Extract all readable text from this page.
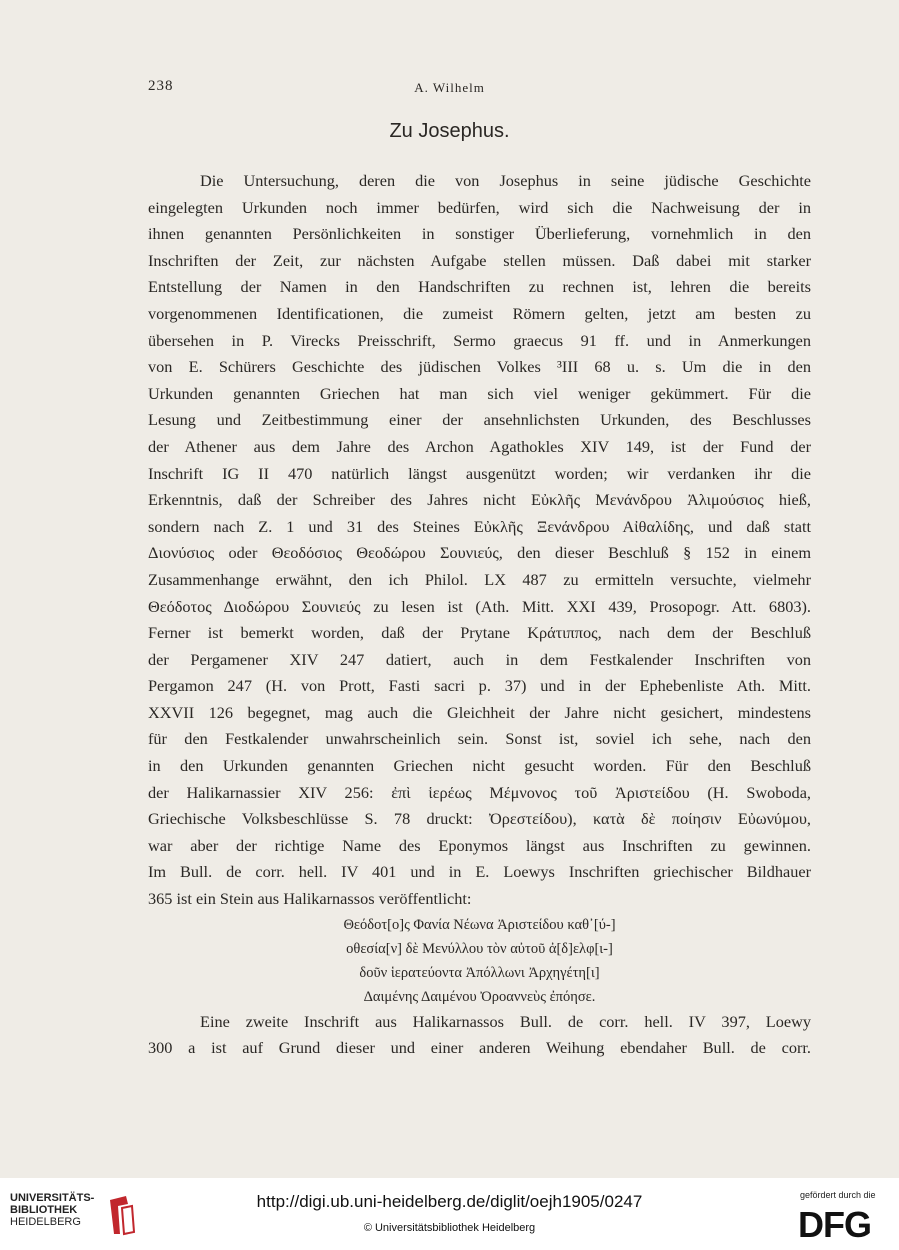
238	A. Wilhelm
Zu Josephus.
Die Untersuchung, deren die von Josephus in seine jüdische Geschichte
eingelegten Urkunden noch immer bedürfen, wird sich die Nachweisung der in
ihnen genannten Persönlichkeiten in sonstiger Überlieferung, vornehmlich in den
Inschriften der Zeit, zur nächsten Aufgabe stellen müssen. Daß dabei mit starker
Entstellung der Namen in den Handschriften zu rechnen ist, lehren die bereits
vorgenommenen Identificationen, die zumeist Römern gelten, jetzt am besten zu
übersehen in P. Virecks Preisschrift, Sermo graecus 91 ff. und in Anmerkungen
von E. Schürers Geschichte des jüdischen Volkes ³III 68 u. s. Um die in den
Urkunden genannten Griechen hat man sich viel weniger gekümmert. Für die
Lesung und Zeitbestimmung einer der ansehnlichsten Urkunden, des Beschlusses
der Athener aus dem Jahre des Archon Agathokles XIV 149, ist der Fund der
Inschrift IG II 470 natürlich längst ausgenützt worden; wir verdanken ihr die
Erkenntnis, daß der Schreiber des Jahres nicht Εὐκλῆς Μενάνδρου Ἀλιμούσιος hieß,
sondern nach Z. 1 und 31 des Steines Εὐκλῆς Ξενάνδρου Αἰθαλίδης, und daß statt
Διονύσιος oder Θεοδόσιος Θεοδώρου Σουνιεύς, den dieser Beschluß § 152 in einem
Zusammenhange erwähnt, den ich Philol. LX 487 zu ermitteln versuchte, vielmehr
Θεόδοτος Διοδώρου Σουνιεύς zu lesen ist (Ath. Mitt. XXI 439, Prosopogr. Att. 6803).
Ferner ist bemerkt worden, daß der Prytane Κράτιππος, nach dem der Beschluß
der Pergamener XIV 247 datiert, auch in dem Festkalender Inschriften von
Pergamon 247 (H. von Prott, Fasti sacri p. 37) und in der Ephebenliste Ath. Mitt.
XXVII 126 begegnet, mag auch die Gleichheit der Jahre nicht gesichert, mindestens
für den Festkalender unwahrscheinlich sein. Sonst ist, soviel ich sehe, nach den
in den Urkunden genannten Griechen nicht gesucht worden. Für den Beschluß
der Halikarnassier XIV 256: ἐπὶ ἱερέως Μέμνονος τοῦ Ἀριστείδου (H. Swoboda,
Griechische Volksbeschlüsse S. 78 druckt: Ὀρεστείδου), κατὰ δὲ ποίησιν Εὐωνύμου,
war aber der richtige Name des Eponymos längst aus Inschriften zu gewinnen.
Im Bull. de corr. hell. IV 401 und in E. Loewys Inschriften griechischer Bildhauer
365 ist ein Stein aus Halikarnassos veröffentlicht:
Θεόδοτ[ο]ς Φανία Νέωνα Ἀριστείδου καθ᾽[ύ-]
οθεσία[ν] δὲ Μενύλλου τὸν αὐτοῦ ἀ[δ]ελφ[ι-]
δοῦν ἱερατεύοντα Ἀπόλλωνι Ἀρχηγέτη[ι]
Δαιμένης Δαιμένου Ὀροαννεὺς ἐπόησε.
Eine zweite Inschrift aus Halikarnassos Bull. de corr. hell. IV 397, Loewy
300 a ist auf Grund dieser und einer anderen Weihung ebendaher Bull. de corr.
UNIVERSITÄTS-
BIBLIOTHEK
HEIDELBERG
http://digi.ub.uni-heidelberg.de/diglit/oejh1905/0247
© Universitätsbibliothek Heidelberg
gefördert durch die
DFG
